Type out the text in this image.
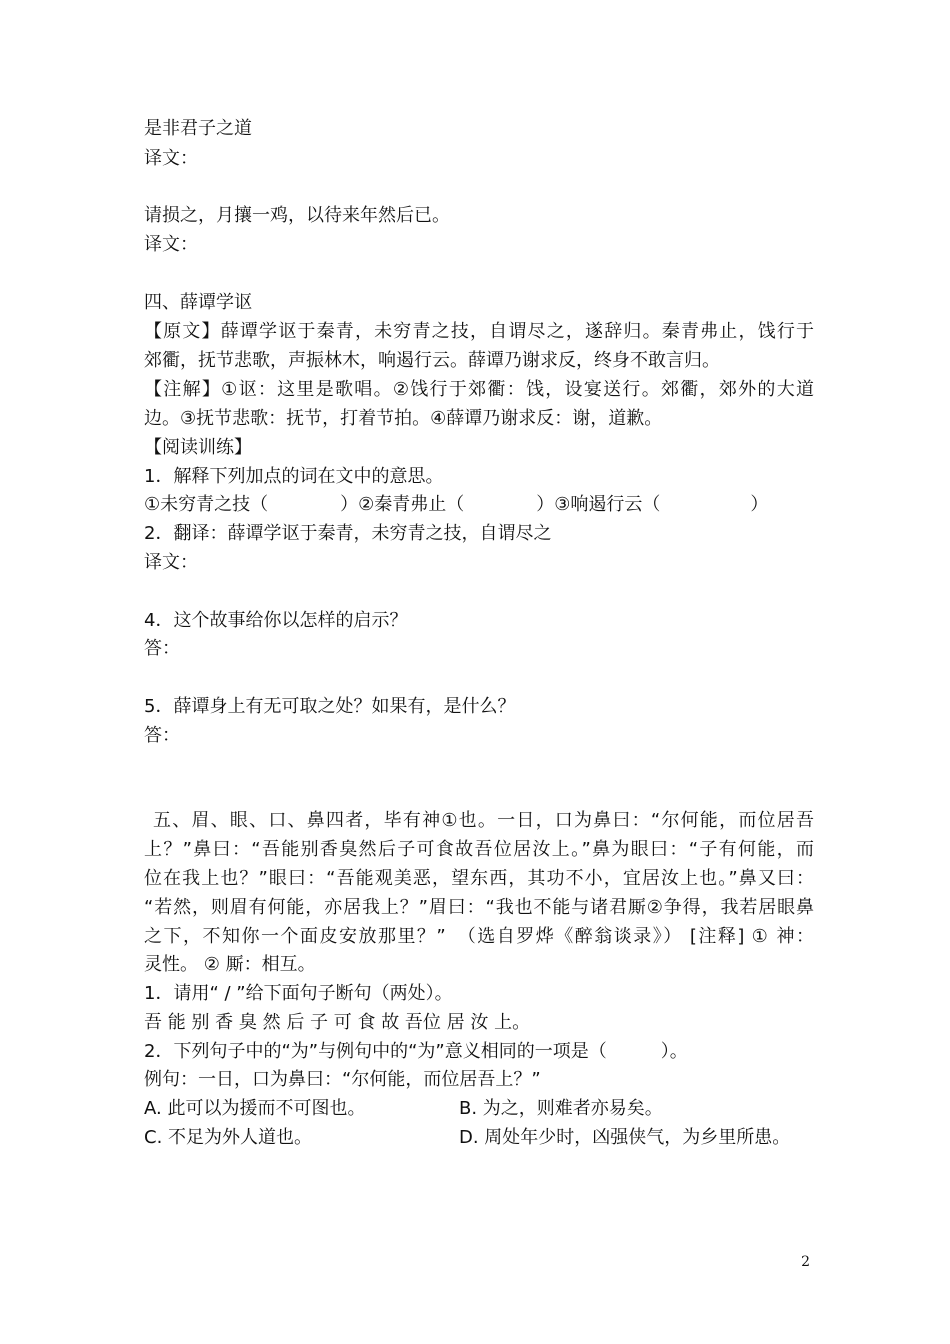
是非君子之道
译文：
请损之，月攘一鸡，以待来年然后已。
译文：
四、薛谭学讴
【原文】薛谭学讴于秦青，未穷青之技，自谓尽之，遂辞归。秦青弗止，饯行于
郊衢，抚节悲歌，声振林木，响遏行云。薛谭乃谢求反，终身不敢言归。
【注解】①讴：这里是歌唱。②饯行于郊衢：饯，设宴送行。郊衢，郊外的大道
边。③抚节悲歌：抚节，打着节拍。④薛谭乃谢求反：谢，道歉。
【阅读训练】
1．解释下列加点的词在文中的意思。
①未穷青之技（　　　　）②秦青弗止（　　　　）③响遏行云（　　　　　）
2．翻译：薛谭学讴于秦青，未穷青之技，自谓尽之
译文：
4．这个故事给你以怎样的启示？
答：
5．薛谭身上有无可取之处？如果有，是什么？
答：
五、眉、眼、口、鼻四者，毕有神①也。一日，口为鼻曰：“尔何能，而位居吾
上？”鼻曰：“吾能别香臭然后子可食故吾位居汝上。”鼻为眼曰：“子有何能，而
位在我上也？”眼曰：“吾能观美恶，望东西，其功不小，宜居汝上也。”鼻又曰：
“若然，则眉有何能，亦居我上？”眉曰：“我也不能与诸君厮②争得，我若居眼鼻
之下，不知你一个面皮安放那里？”　（选自罗烨《醉翁谈录》） [注释] ① 神：
灵性。 ② 厮：相互。
1．请用“ / ”给下面句子断句（两处）。
吾 能 别 香 臭 然 后 子 可 食 故 吾位 居 汝 上。
2．下列句子中的“为”与例句中的“为”意义相同的一项是（　　　）。
例句：一日，口为鼻曰：“尔何能，而位居吾上？”
A. 此可以为援而不可图也。	B. 为之，则难者亦易矣。
C. 不足为外人道也。	D. 周处年少时，凶强侠气，为乡里所患。
2
